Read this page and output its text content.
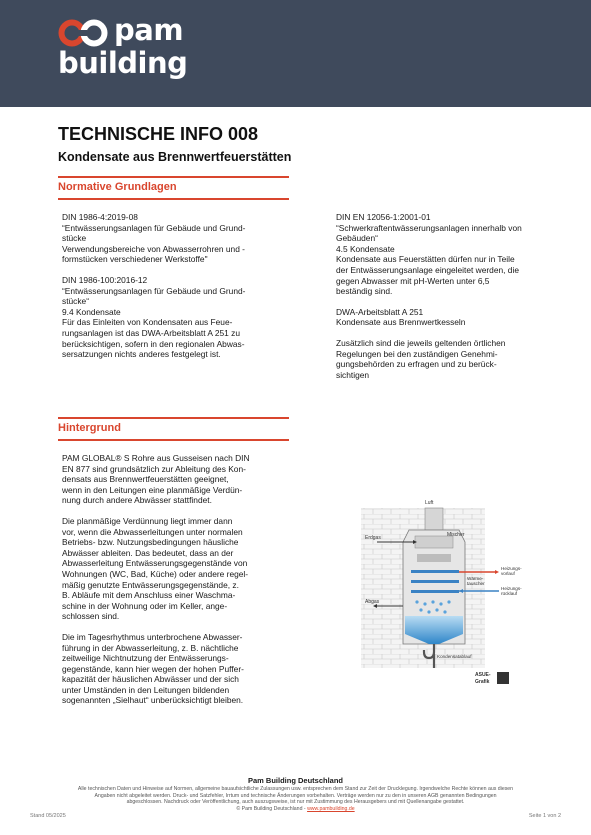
pam
building
TECHNISCHE INFO 008
Kondensate aus Brennwertfeuerstätten
Normative Grundlagen

DIN 1986-4:2019-08

“Entwässerungsanlagen für Gebäude und Grund-

stücke

Verwendungsbereiche von Abwasserrohren und -

formstücken verschiedener Werkstoffe"

DIN 1986-100:2016-12

“Entwässerungsanlagen für Gebäude und Grund-

stücke“

9.4 Kondensate

Für das Einleiten von Kondensaten aus Feue-

rungsanlagen ist das DWA-Arbeitsblatt A 251 zu

berücksichtigen, sofern in den regionalen Abwas-

sersatzungen nichts anderes festgelegt ist.

DIN EN 12056-1:2001-01

“Schwerkraftentwässerungsanlagen innerhalb von

Gebäuden“

4.5 Kondensate

Kondensate aus Feuerstätten dürfen nur in Teile

der Entwässerungsanlage eingeleitet werden, die

gegen Abwasser mit pH-Werten unter 6,5

beständig sind.

DWA-Arbeitsblatt A 251

Kondensate aus Brennwertkesseln

Zusätzlich sind die jeweils geltenden örtlichen

Regelungen bei den zuständigen Genehmi-

gungsbehörden zu erfragen und zu berück-

sichtigen

Hintergrund

PAM GLOBAL® S Rohre aus Gusseisen nach DIN

EN 877 sind grundsätzlich zur Ableitung des Kon-

densats aus Brennwertfeuerstätten geeignet,

wenn in den Leitungen eine planmäßige Verdün-

nung durch andere Abwässer stattfindet.

Die planmäßige Verdünnung liegt immer dann

vor, wenn die Abwasserleitungen unter normalen

Betriebs- bzw. Nutzungsbedingungen häusliche

Abwässer ableiten. Das bedeutet, dass an der

Abwasserleitung Entwässerungsgegenstände von

Wohnungen (WC, Bad, Küche) oder andere regel-

mäßig genutzte Entwässerungsgegenstände, z.

B. Abläufe mit dem Anschluss einer Waschma-

schine in der Wohnung oder im Keller, ange-

schlossen sind.

Die im Tagesrhythmus unterbrochene Abwasser-

führung in der Abwasserleitung, z. B. nächtliche

zeitweilige Nichtnutzung der Entwässerungs-

gegenstände, kann hier wegen der hohen Puffer-

kapazität der häuslichen Abwässer und der sich

unter Umständen in den Leitungen bildenden

sogenannten „Sielhaut“ unberücksichtigt bleiben.

Luft
Mischer
Erdgas
Heizungs-vorlauf
Wärme-tauscher
Heizungs-rücklauf
Abgas
Kondensatablauf
ASUE-
Grafik
Pam Building Deutschland
Alle technischen Daten und Hinweise auf Normen, allgemeine bauaufsichtliche Zulassungen usw. entsprechen dem Stand zur Zeit der Drucklegung. Irgendwelche Rechte können aus diesen
Angaben nicht abgeleitet werden. Druck- und Satzfehler, Irrtum und technische Änderungen vorbehalten. Verträge werden nur zu den in unseren AGB genannten Bedingungen
abgeschlossen. Nachdruck oder Veröffentlichung, auch auszugsweise, ist nur mit Zustimmung des Herausgebers und mit Quellenangabe gestattet.
© Pam Building Deutschland - www.pambuilding.de
Stand 05/2025	Seite 1 von 2
